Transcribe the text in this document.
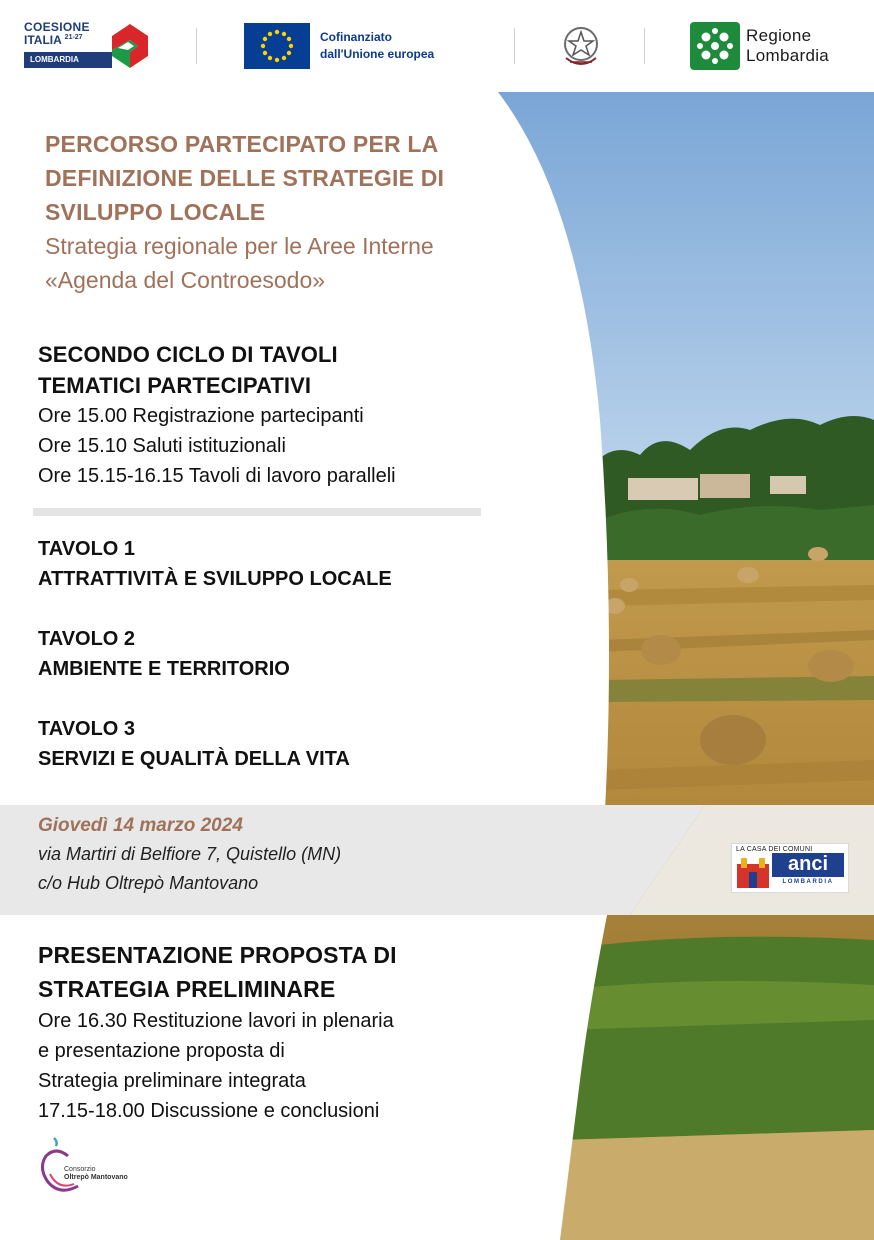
COESIONE
ITALIA $^{21-27}$
LOMBARDIA
Cofinanziato
dall'Unione europea
Regione
Lombardia

PERCORSO PARTECIPATO PER LA

DEFINIZIONE DELLE STRATEGIE DI

SVILUPPO LOCALE

Strategia regionale per le Aree Interne

«Agenda del Controesodo»

SECONDO CICLO DI TAVOLI

TEMATICI PARTECIPATIVI

Ore 15.00 Registrazione partecipanti

Ore 15.10 Saluti istituzionali

Ore 15.15-16.15 Tavoli di lavoro paralleli

TAVOLO 1

ATTRATTIVITÀ E SVILUPPO LOCALE

TAVOLO 2

AMBIENTE E TERRITORIO

TAVOLO 3

SERVIZI E QUALITÀ DELLA VITA

Giovedì 14 marzo 2024

via Martiri di Belfiore 7, Quistello (MN)

c/o Hub Oltrepò Mantovano

LA CASA DEI COMUNI
anci
LOMBARDIA

PRESENTAZIONE PROPOSTA DI

STRATEGIA PRELIMINARE

Ore 16.30 Restituzione lavori in plenaria

e presentazione proposta di

Strategia preliminare integrata

17.15-18.00 Discussione e conclusioni

Consorzio
Oltrepò Mantovano
